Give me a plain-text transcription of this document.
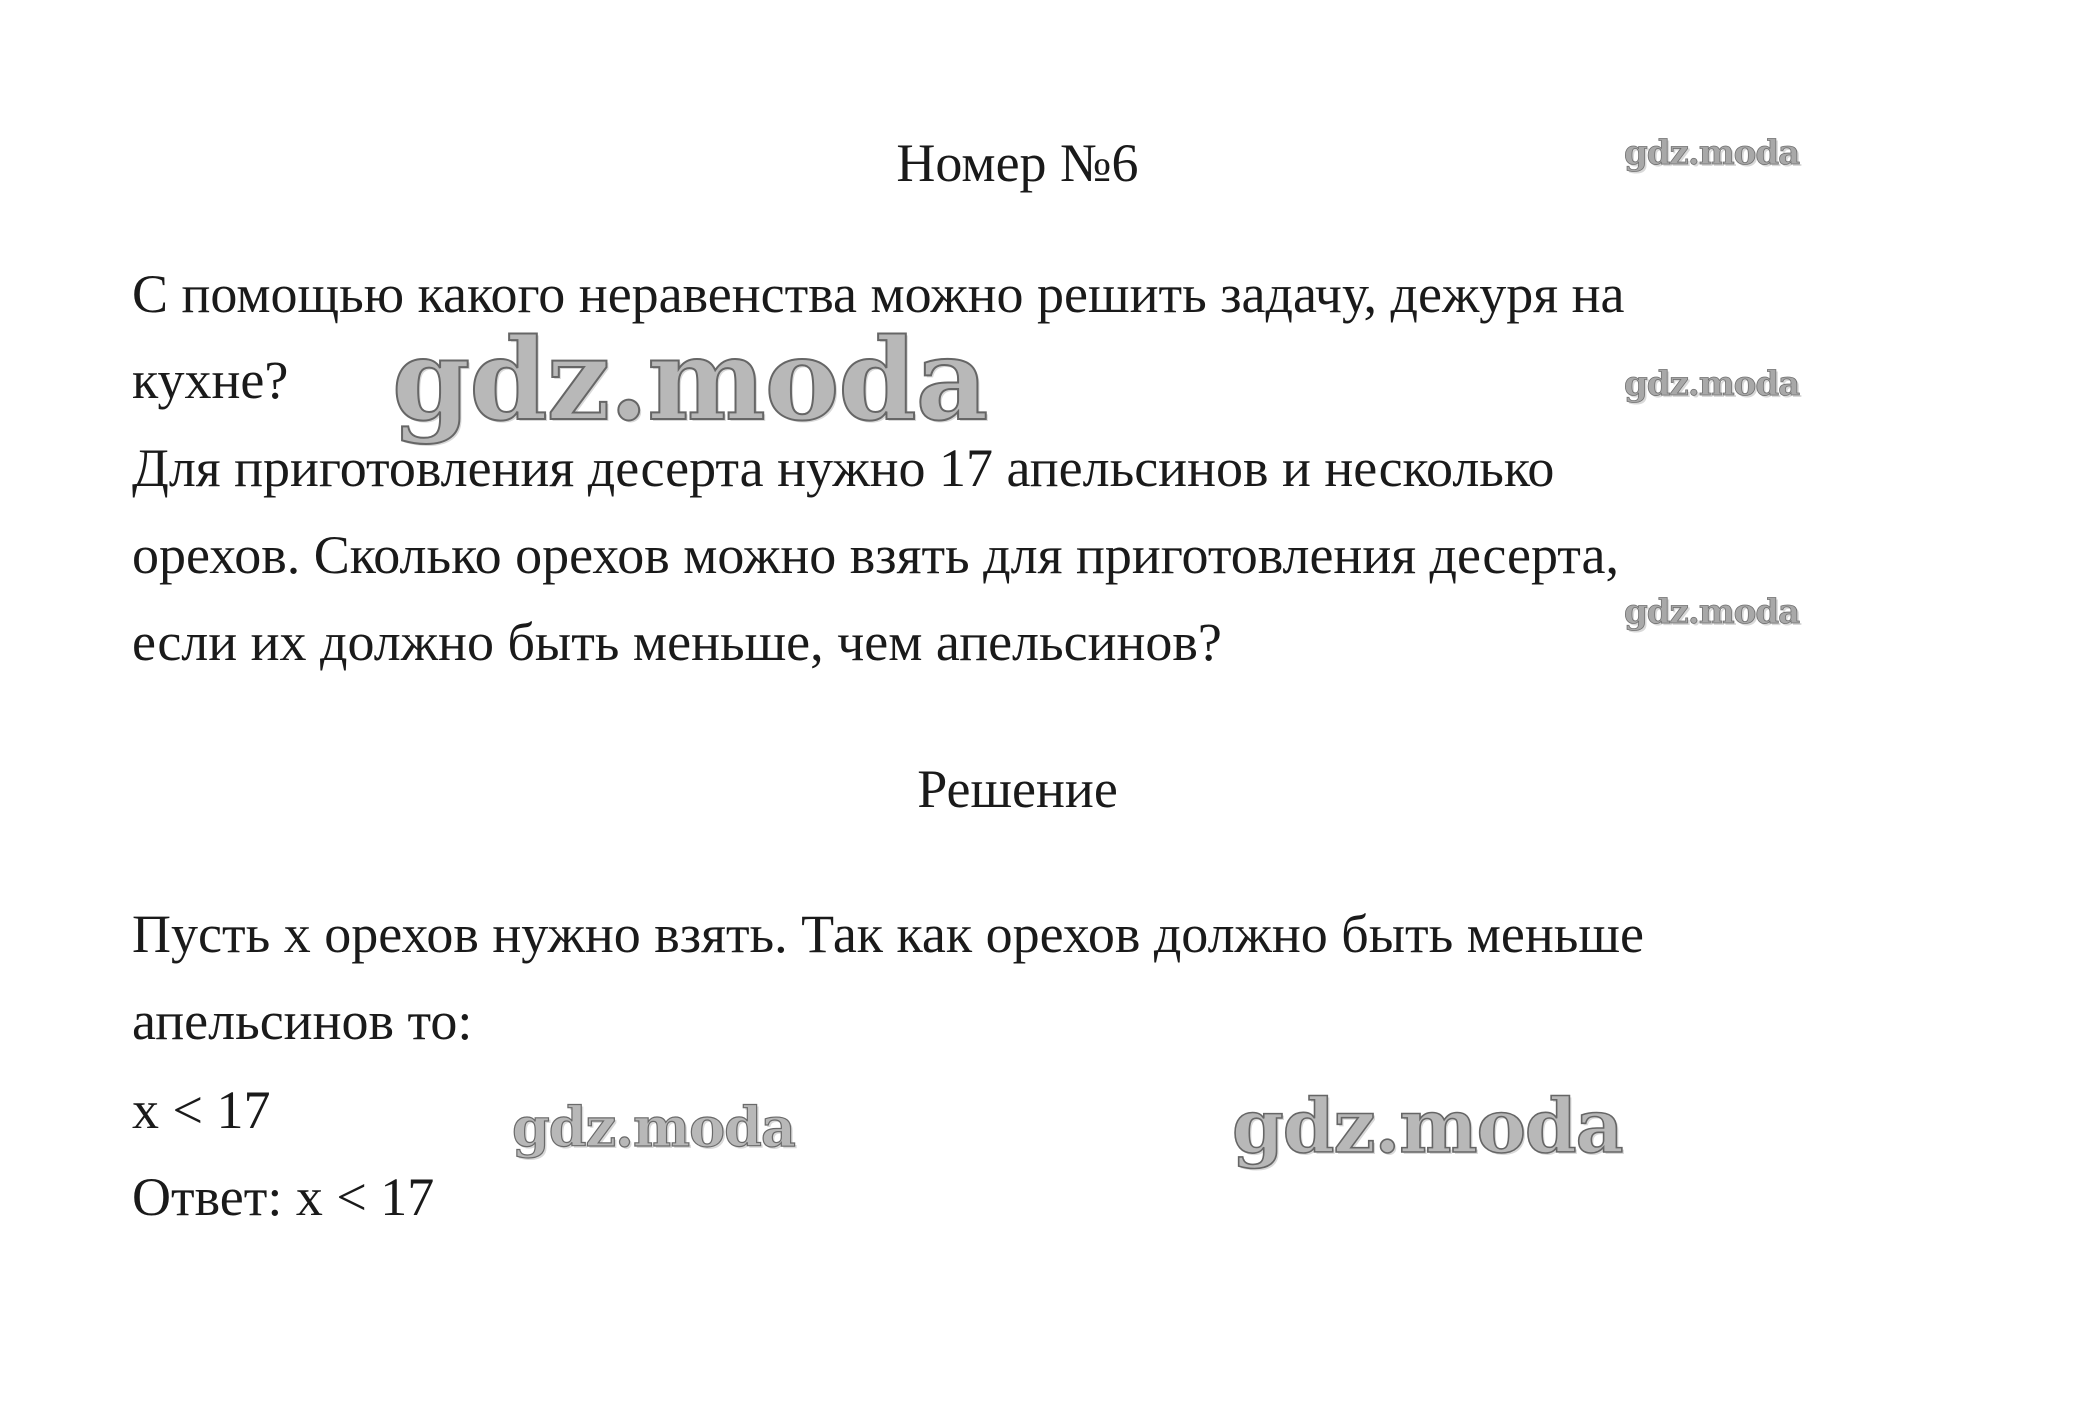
Номер №6

С помощью какого неравенства можно решить задачу, дежуря на

кухне?

Для приготовления десерта нужно 17 апельсинов и несколько

орехов. Сколько орехов можно взять для приготовления десерта,

если их должно быть меньше, чем апельсинов?

Решение

Пусть x орехов нужно взять. Так как орехов должно быть меньше

апельсинов то:

x < 17

Ответ: x < 17

gdz.moda
gdz.moda
gdz.moda
gdz.moda
gdz.moda	gdz.moda
